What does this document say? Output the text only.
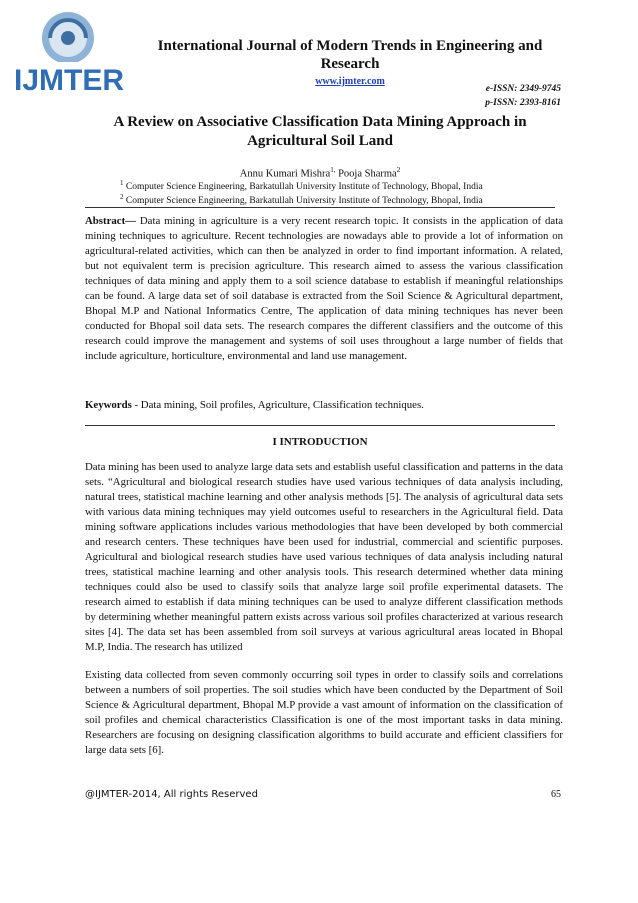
IJMTER
International Journal of Modern Trends in Engineering and Research
www.ijmter.com
e-ISSN: 2349-9745
p-ISSN: 2393-8161
A Review on Associative Classification Data Mining Approach in Agricultural Soil Land
Annu Kumari Mishra$^{1,}$ Pooja Sharma$^2$
$^1$ Computer Science Engineering, Barkatullah University Institute of Technology, Bhopal, India
$^2$ Computer Science Engineering, Barkatullah University Institute of Technology, Bhopal, India
Abstract— Data mining in agriculture is a very recent research topic. It consists in the application of data mining techniques to agriculture. Recent technologies are nowadays able to provide a lot of information on agricultural-related activities, which can then be analyzed in order to find important information. A related, but not equivalent term is precision agriculture. This research aimed to assess the various classification techniques of data mining and apply them to a soil science database to establish if meaningful relationships can be found. A large data set of soil database is extracted from the Soil Science & Agricultural department, Bhopal M.P and National Informatics Centre, The application of data mining techniques has never been conducted for Bhopal soil data sets. The research compares the different classifiers and the outcome of this research could improve the management and systems of soil uses throughout a large number of fields that include agriculture, horticulture, environmental and land use management.
Keywords - Data mining, Soil profiles, Agriculture, Classification techniques.
I INTRODUCTION
Data mining has been used to analyze large data sets and establish useful classification and patterns in the data sets. “Agricultural and biological research studies have used various techniques of data analysis including, natural trees, statistical machine learning and other analysis methods [5]. The analysis of agricultural data sets with various data mining techniques may yield outcomes useful to researchers in the Agricultural field. Data mining software applications includes various methodologies that have been developed by both commercial and research centers. These techniques have been used for industrial, commercial and scientific purposes. Agricultural and biological research studies have used various techniques of data analysis including natural trees, statistical machine learning and other analysis tools. This research determined whether data mining techniques could also be used to classify soils that analyze large soil profile experimental datasets. The research aimed to establish if data mining techniques can be used to analyze different classification methods by determining whether meaningful pattern exists across various soil profiles characterized at various research sites [4]. The data set has been assembled from soil surveys at various agricultural areas located in Bhopal M.P, India. The research has utilized
Existing data collected from seven commonly occurring soil types in order to classify soils and correlations between a numbers of soil properties. The soil studies which have been conducted by the Department of Soil Science & Agricultural department, Bhopal M.P provide a vast amount of information on the classification of soil profiles and chemical characteristics Classification is one of the most important tasks in data mining. Researchers are focusing on designing classification algorithms to build accurate and efficient classifiers for large data sets [6].
@IJMTER-2014, All rights Reserved	65
